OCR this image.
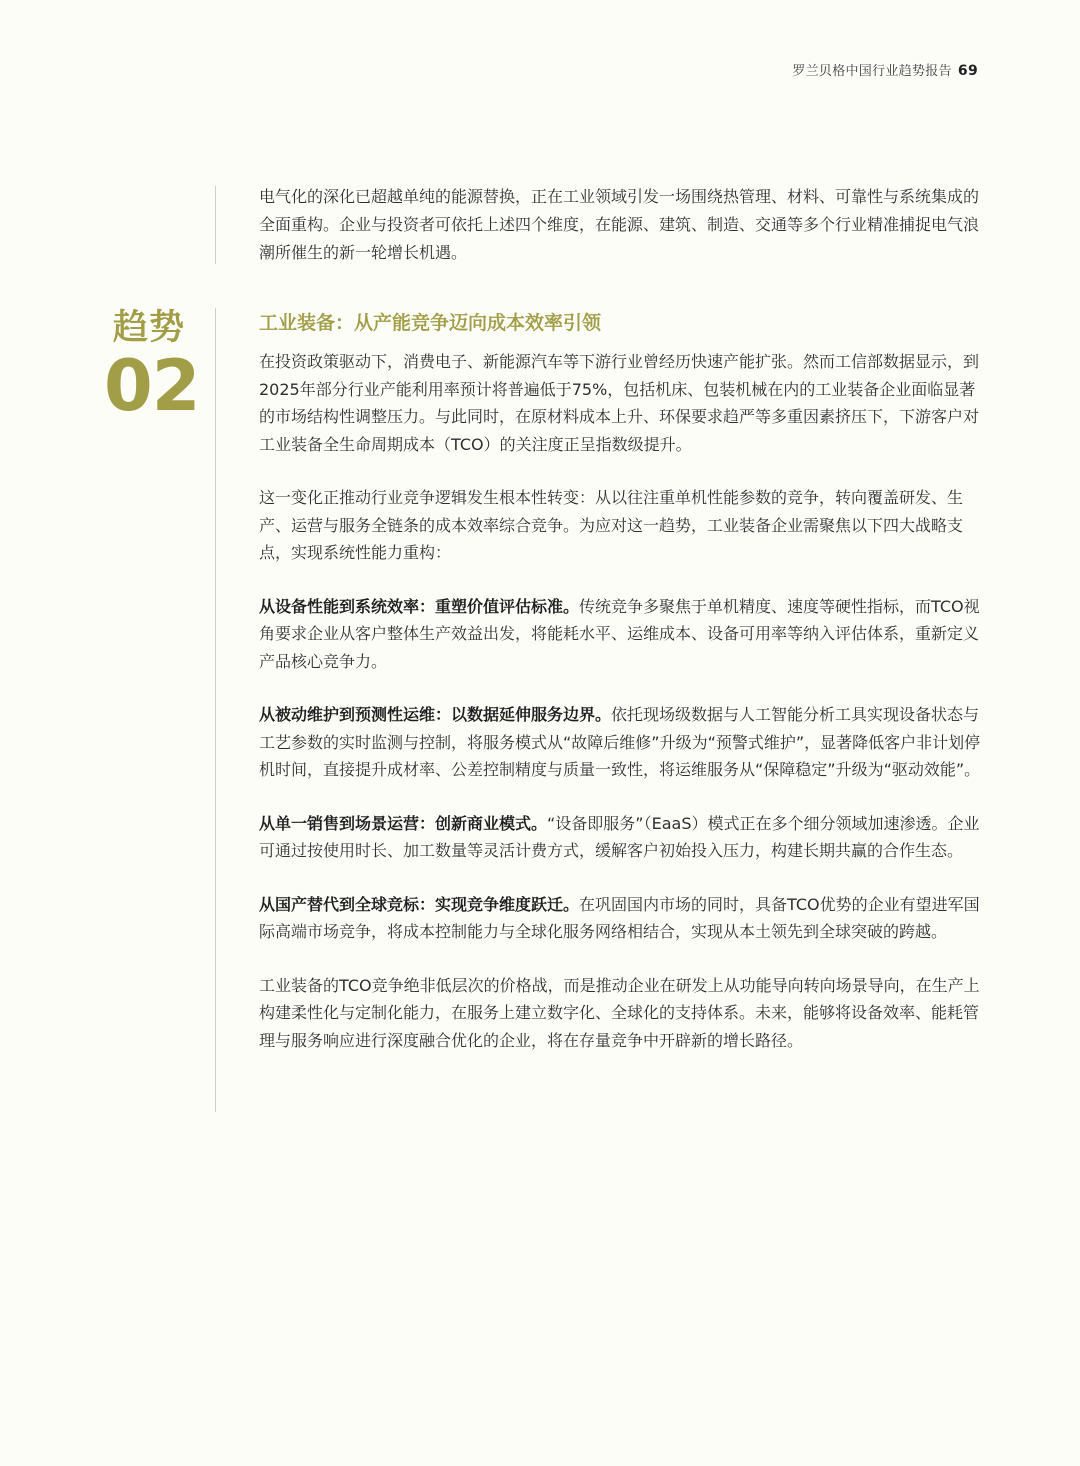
罗兰贝格中国行业趋势报告 69

电气化的深化已超越单纯的能源替换，正在工业领域引发一场围绕热管理、材料、可靠性与系统集成的全面重构。企业与投资者可依托上述四个维度，在能源、建筑、制造、交通等多个行业精准捕捉电气浪潮所催生的新一轮增长机遇。

趋势
02
工业装备：从产能竞争迈向成本效率引领

在投资政策驱动下，消费电子、新能源汽车等下游行业曾经历快速产能扩张。然而工信部数据显示，到2025年部分行业产能利用率预计将普遍低于75%，包括机床、包装机械在内的工业装备企业面临显著的市场结构性调整压力。与此同时，在原材料成本上升、环保要求趋严等多重因素挤压下，下游客户对工业装备全生命周期成本（TCO）的关注度正呈指数级提升。

这一变化正推动行业竞争逻辑发生根本性转变：从以往注重单机性能参数的竞争，转向覆盖研发、生产、运营与服务全链条的成本效率综合竞争。为应对这一趋势，工业装备企业需聚焦以下四大战略支点，实现系统性能力重构：

从设备性能到系统效率：重塑价值评估标准。传统竞争多聚焦于单机精度、速度等硬性指标，而TCO视角要求企业从客户整体生产效益出发，将能耗水平、运维成本、设备可用率等纳入评估体系，重新定义产品核心竞争力。

从被动维护到预测性运维：以数据延伸服务边界。依托现场级数据与人工智能分析工具实现设备状态与工艺参数的实时监测与控制，将服务模式从“故障后维修”升级为“预警式维护”，显著降低客户非计划停机时间，直接提升成材率、公差控制精度与质量一致性，将运维服务从“保障稳定”升级为“驱动效能”。

从单一销售到场景运营：创新商业模式。“设备即服务”（EaaS）模式正在多个细分领域加速渗透。企业可通过按使用时长、加工数量等灵活计费方式，缓解客户初始投入压力，构建长期共赢的合作生态。

从国产替代到全球竞标：实现竞争维度跃迁。在巩固国内市场的同时，具备TCO优势的企业有望进军国际高端市场竞争，将成本控制能力与全球化服务网络相结合，实现从本土领先到全球突破的跨越。

工业装备的TCO竞争绝非低层次的价格战，而是推动企业在研发上从功能导向转向场景导向，在生产上构建柔性化与定制化能力，在服务上建立数字化、全球化的支持体系。未来，能够将设备效率、能耗管理与服务响应进行深度融合优化的企业，将在存量竞争中开辟新的增长路径。
